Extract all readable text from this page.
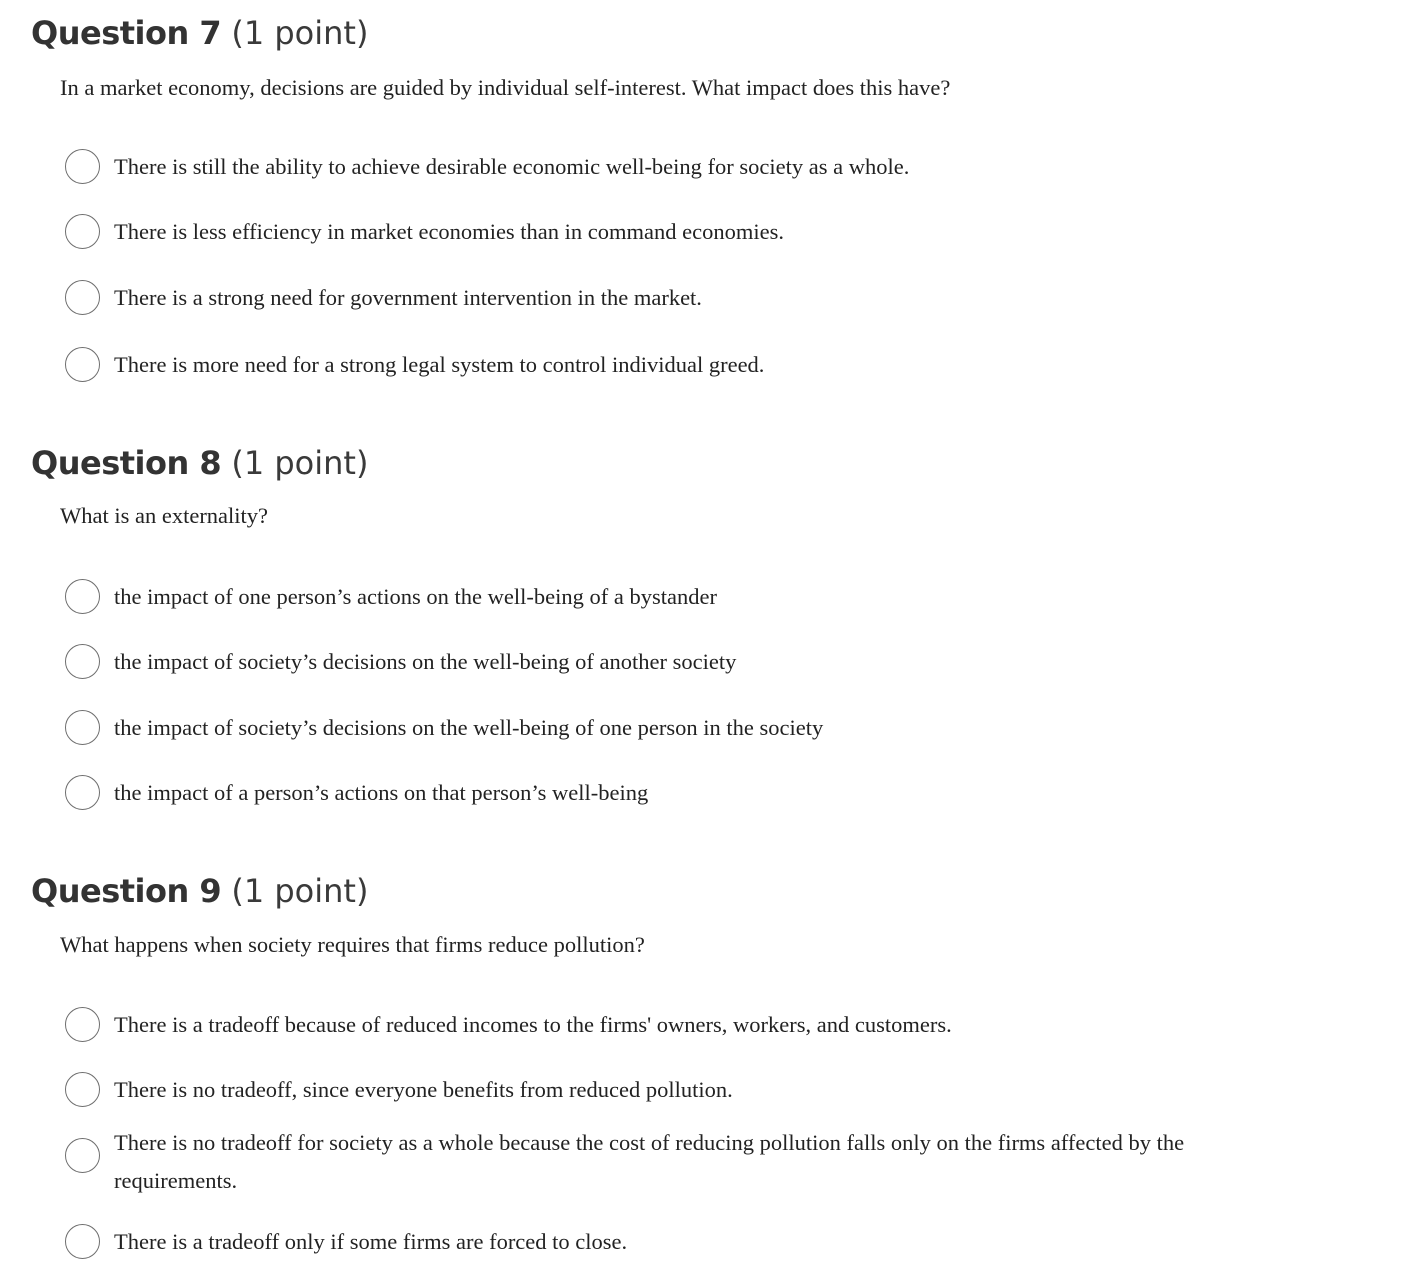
Question 7 (1 point)

In a market economy, decisions are guided by individual self-interest. What impact does this have?

There is still the ability to achieve desirable economic well-being for society as a whole.
There is less efficiency in market economies than in command economies.
There is a strong need for government intervention in the market.
There is more need for a strong legal system to control individual greed.
Question 8 (1 point)

What is an externality?

the impact of one person’s actions on the well-being of a bystander
the impact of society’s decisions on the well-being of another society
the impact of society’s decisions on the well-being of one person in the society
the impact of a person’s actions on that person’s well-being
Question 9 (1 point)

What happens when society requires that firms reduce pollution?

There is a tradeoff because of reduced incomes to the firms' owners, workers, and customers.
There is no tradeoff, since everyone benefits from reduced pollution.
There is no tradeoff for society as a whole because the cost of reducing pollution falls only on the firms affected by the requirements.
There is a tradeoff only if some firms are forced to close.
